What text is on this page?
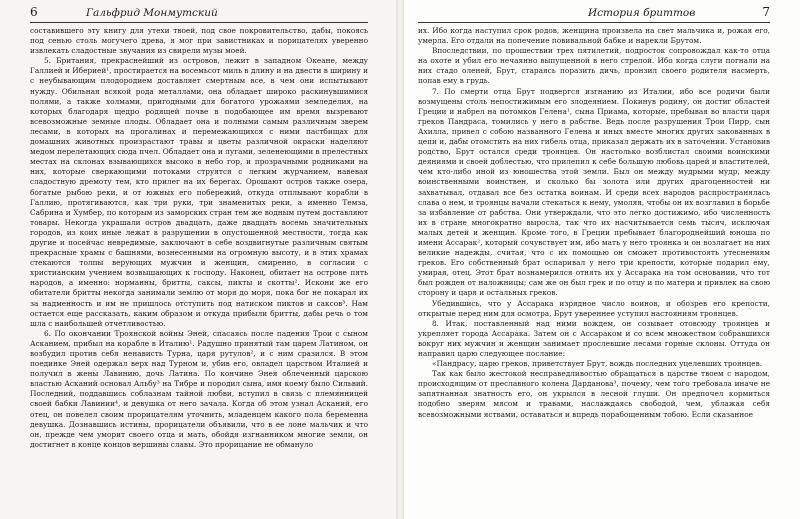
6	Гальфрид Монмутский

составившего эту книгу для утехи твоей, под свое покровительство, дабы, покоясь под сенью столь могучего древа, я мог при завистниках и порицателях уверенно извлекать сладостные звучания из свирели музы моей.

5. Британия, прекраснейший из островов, лежит в западном Океане, между Галлией и Иберией¹, простирается на восемьсот миль в длину и на двести в ширину и с неубывающим плодородием доставляет смертным все, в чем они испытывают нужду. Обильная всякой рода металлами, она обладает широко раскинувшимися полями, а также холмами, пригодными для богатого урожаями земледелия, на которых благодаря щедро родящей почве в подобающее им время вызревают всевозможные земные плоды. Обладает она и полными самым различным зверем лесами, в которых на прогалинах и перемежающихся с ними пастбищах для домашних животных произрастают травы и цветы различной окраски наделяют медом перелетающих сюда пчел. Обладает она и лугами, зеленеющими в прелестных местах на склонах взывающихся высоко в небо гор, и прозрачными родниками на них, которые сверкающими потоками струятся с легким журчанием, навевая сладостную дремоту тем, кто прилег на их берегах. Орошают остров также озера, богатые рыбою реки, и от южных его побережий, откуда отплывают корабли в Галлию, протягиваются, как три руки, три знаменитых реки, а именно Темза, Сабрина и Хумбер, по которым из заморских стран тем же водным путем доставляют товары. Некогда украшали остров двадцать, даже двадцать восемь значительных городов, из коих иные лежат в разрушении в опустошенной местности, тогда как другие и посейчас невредимые, заключают в себе воздвигнутые различным святым прекрасные храмы с башнями, вознесенными на огромную высоту, и в этих храмах стекаются толпы верующих мужчин и женщин, смиренно, в согласии с христианским учением возвышающих к господу. Наконец, обитает на острове пять народов, а именно: норманны, бритты, саксы, пикты и скотты². Искони же его обитатели бритты некогда занимали землю от моря до моря, пока бог не покарал их за надменность и им не пришлось отступить под натиском пиктов и саксов³. Нам остается еще рассказать, каким образом и откуда прибыли бритты, дабы речь о том шла с наибольшей отчетливостью.

6. По окончании Троянской войны Эней, спасаясь после падения Трои с сыном Асканием, прибыл на корабле в Италию¹. Радушно принятый там царем Латином, он возбудил против себя ненависть Турна, царя рутулов², и с ним сразился. В этом поединке Эней одержал верх над Турном и, убив его, овладел царством Италией и получил в жены Лавинию, дочь Латина. По кончине Энея облеченный царскою властью Асканий основал Альбу³ на Тибре и породил сына, имя коему было Сильвий. Последний, поддавшись соблазнам тайной любви, вступил в связь с племянницей своей бабки Лавинии⁴, и девушка от него зачала. Когда об этом узнал Асканий, его отец, он повелел своим прорицателям уточнить, младенцем какого пола беременна девушка. Дознавшись истины, прорицатели объявили, что в ее лоне мальчик и что он, прежде чем уморит своего отца и мать, обойдя изгнанником многие земли, он достигнет в конце концов вершины славы. Это прорицание не обмануло

История бриттов	7

их. Ибо когда наступил срок родов, женщина произвела на свет мальчика и, рожая его, умерла. Его отдали на попечение повивальной бабке и нарекли Брутом.

Впоследствии, по прошествии трех пятилетий, подросток сопровождал как-то отца на охоте и убил его нечаянно выпущенной в него стрелой. Ибо когда слуги погнали на них стадо оленей, Брут, стараясь поразить дичь, пронзил своего родителя насмерть, попав ему в грудь.

7. По смерти отца Брут подвергся изгнанию из Италии, ибо все родичи были возмущены столь непостижимым его злодеянием. Покинув родину, он достиг областей Греции и набрел на потомков Гелена¹, сына Приама, которые, пребывая во власти царя греков Пандраса, томились у него в рабстве. Ведь после разрушения Трои Пирр, сын Ахилла, привел с собою названного Гелена и иных вместе многих других закованных в цепи и, дабы отомстить на них гибель отца, приказал держать их в заточении. Установив родство, Брут остался среди троянцев. Он настолько возблистал своими воинскими деяниями и своей доблестью, что прилепил к себе большую любовь царей и властителей, чем кто-либо иной из юношества этой земли. Был он между мудрыми мудр, между воинственными воинствен, и сколько бы золота или других драгоценностей ни захватывал, отдавал все без остатка воинам. И среди всех народов распространялась слава о нем, и троянцы начали стекаться к нему, умоляя, чтобы он их возглавил в борьбе за избавление от рабства. Они утверждали, что это легко достижимо, ибо численность их в стране многократно выросла, так что их насчитывается семь тысяч, исключая малых детей и женщин. Кроме того, в Греции пребывает благороднейший юноша по имени Ассарак², который сочувствует им, ибо мать у него троянка и он возлагает на них великие надежды, считая, что с их помощью он сможет противостоять утеснениям греков. Его собственный брат оспаривал у него три крепости, которые подарил ему, умирая, отец. Этот брат вознамерился отнять их у Ассарака на том основании, что тот был рожден от наложницы; сам же он был грек и по отцу и по матери и привлек на свою сторону и царя и остальных греков.

Убедившись, что у Ассарака изрядное число воинов, и обозрев его крепости, открытые перед ним для осмотра, Брут увереннее уступил настояниям троянцев.

8. Итак, поставленный над ними вождем, он созывает отовсюду троянцев и укрепляет города Ассарака. Затем он с Ассараком и со всем множеством собравшихся вокруг них мужчин и женщин занимает прослевшие лесами горные склоны. Оттуда он направил царю следующее послание:

«Пандрасу, царю греков, приветствует Брут, вождь последних уцелевших троянцев.

Так как было жестокой несправедливостью обращаться в царстве твоем с народом, происходящим от преславного колена Дарданова³, почему, чем того требовала иначе не запятнанная знатность его, он укрылся в лесной глуши. Он предпочел кормиться подобно зверям мясом и травами, наслаждаясь свободой, чем, ублажая себя всевозможными яствами, оставаться и впредь порабощенным тобою. Если сказанное
